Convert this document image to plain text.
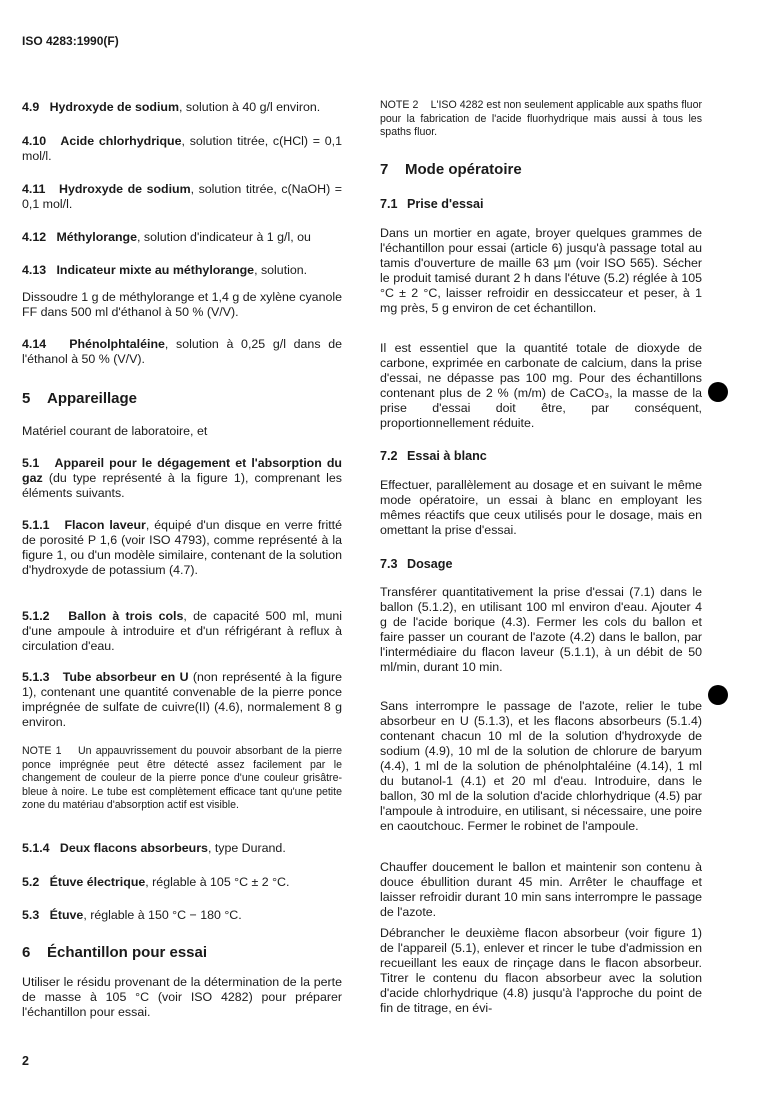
ISO 4283:1990(F)

4.9 Hydroxyde de sodium, solution à 40 g/l environ.

4.10 Acide chlorhydrique, solution titrée, c(HCl) = 0,1 mol/l.

4.11 Hydroxyde de sodium, solution titrée, c(NaOH) = 0,1 mol/l.

4.12 Méthylorange, solution d'indicateur à 1 g/l, ou

4.13 Indicateur mixte au méthylorange, solution.

Dissoudre 1 g de méthylorange et 1,4 g de xylène cyanole FF dans 500 ml d'éthanol à 50 % (V/V).

4.14 Phénolphtaléine, solution à 0,25 g/l dans de l'éthanol à 50 % (V/V).

5 Appareillage

Matériel courant de laboratoire, et

5.1 Appareil pour le dégagement et l'absorption du gaz (du type représenté à la figure 1), comprenant les éléments suivants.

5.1.1 Flacon laveur, équipé d'un disque en verre fritté de porosité P 1,6 (voir ISO 4793), comme représenté à la figure 1, ou d'un modèle similaire, contenant de la solution d'hydroxyde de potassium (4.7).

5.1.2 Ballon à trois cols, de capacité 500 ml, muni d'une ampoule à introduire et d'un réfrigérant à reflux à circulation d'eau.

5.1.3 Tube absorbeur en U (non représenté à la figure 1), contenant une quantité convenable de la pierre ponce imprégnée de sulfate de cuivre(II) (4.6), normalement 8 g environ.

NOTE 1    Un appauvrissement du pouvoir absorbant de la pierre ponce imprégnée peut être détecté assez facilement par le changement de couleur de la pierre ponce d'une couleur grisâtre-bleue à noire. Le tube est complètement efficace tant qu'une petite zone du matériau d'absorption actif est visible.

5.1.4 Deux flacons absorbeurs, type Durand.

5.2 Étuve électrique, réglable à 105 °C ± 2 °C.

5.3 Étuve, réglable à 150 °C − 180 °C.

6 Échantillon pour essai

Utiliser le résidu provenant de la détermination de la perte de masse à 105 °C (voir ISO 4282) pour préparer l'échantillon pour essai.

NOTE 2    L'ISO 4282 est non seulement applicable aux spaths fluor pour la fabrication de l'acide fluorhydrique mais aussi à tous les spaths fluor.

7 Mode opératoire
7.1 Prise d'essai

Dans un mortier en agate, broyer quelques grammes de l'échantillon pour essai (article 6) jusqu'à passage total au tamis d'ouverture de maille 63 µm (voir ISO 565). Sécher le produit tamisé durant 2 h dans l'étuve (5.2) réglée à 105 °C ± 2 °C, laisser refroidir en dessiccateur et peser, à 1 mg près, 5 g environ de cet échantillon.

Il est essentiel que la quantité totale de dioxyde de carbone, exprimée en carbonate de calcium, dans la prise d'essai, ne dépasse pas 100 mg. Pour des échantillons contenant plus de 2 % (m/m) de CaCO₃, la masse de la prise d'essai doit être, par conséquent, proportionnellement réduite.

7.2 Essai à blanc

Effectuer, parallèlement au dosage et en suivant le même mode opératoire, un essai à blanc en employant les mêmes réactifs que ceux utilisés pour le dosage, mais en omettant la prise d'essai.

7.3 Dosage

Transférer quantitativement la prise d'essai (7.1) dans le ballon (5.1.2), en utilisant 100 ml environ d'eau. Ajouter 4 g de l'acide borique (4.3). Fermer les cols du ballon et faire passer un courant de l'azote (4.2) dans le ballon, par l'intermédiaire du flacon laveur (5.1.1), à un débit de 50 ml/min, durant 10 min.

Sans interrompre le passage de l'azote, relier le tube absorbeur en U (5.1.3), et les flacons absorbeurs (5.1.4) contenant chacun 10 ml de la solution d'hydroxyde de sodium (4.9), 10 ml de la solution de chlorure de baryum (4.4), 1 ml de la solution de phénolphtaléine (4.14), 1 ml du butanol-1 (4.1) et 20 ml d'eau. Introduire, dans le ballon, 30 ml de la solution d'acide chlorhydrique (4.5) par l'ampoule à introduire, en utilisant, si nécessaire, une poire en caoutchouc. Fermer le robinet de l'ampoule.

Chauffer doucement le ballon et maintenir son contenu à douce ébullition durant 45 min. Arrêter le chauffage et laisser refroidir durant 10 min sans interrompre le passage de l'azote.

Débrancher le deuxième flacon absorbeur (voir figure 1) de l'appareil (5.1), enlever et rincer le tube d'admission en recueillant les eaux de rinçage dans le flacon absorbeur. Titrer le contenu du flacon absorbeur avec la solution d'acide chlorhydrique (4.8) jusqu'à l'approche du point de fin de titrage, en évi-

2
